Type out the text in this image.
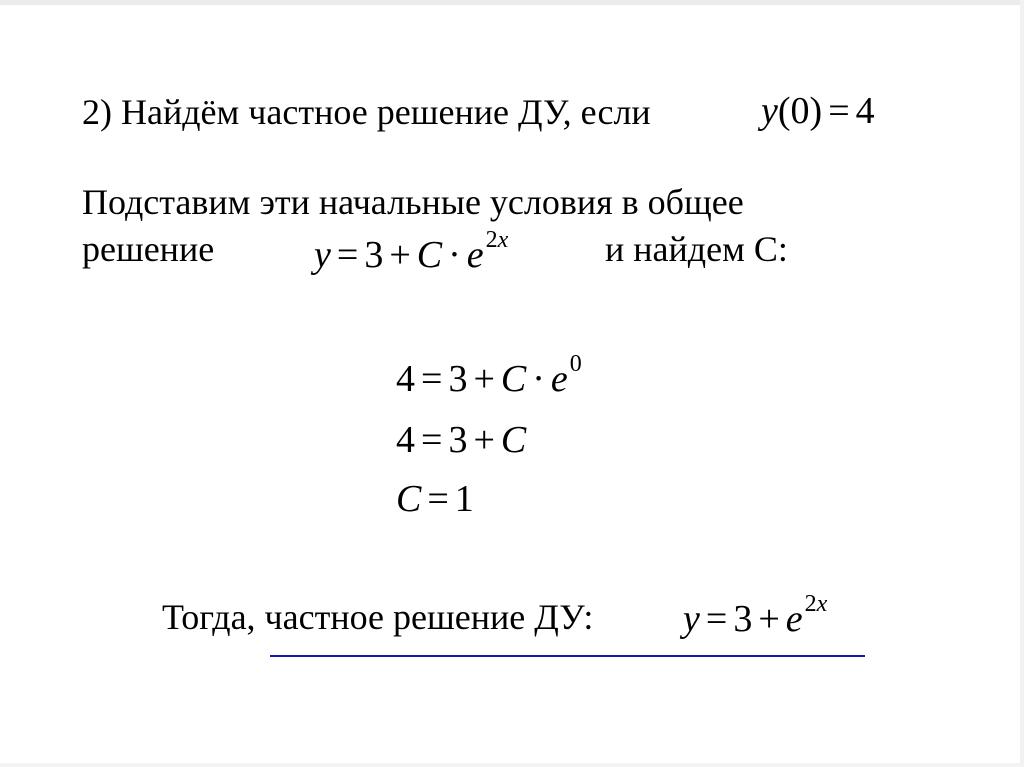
2) Найдём частное решение ДУ, если	y(0) = 4
Подставим эти начальные условия в общее
решение	$y = 3 + C \cdot e^{2x}$	и найдем С:
$4 = 3 + C \cdot e^0$
4 = 3 + C
C = 1
Тогда, частное решение ДУ: $y = 3 + e^{2x}$
